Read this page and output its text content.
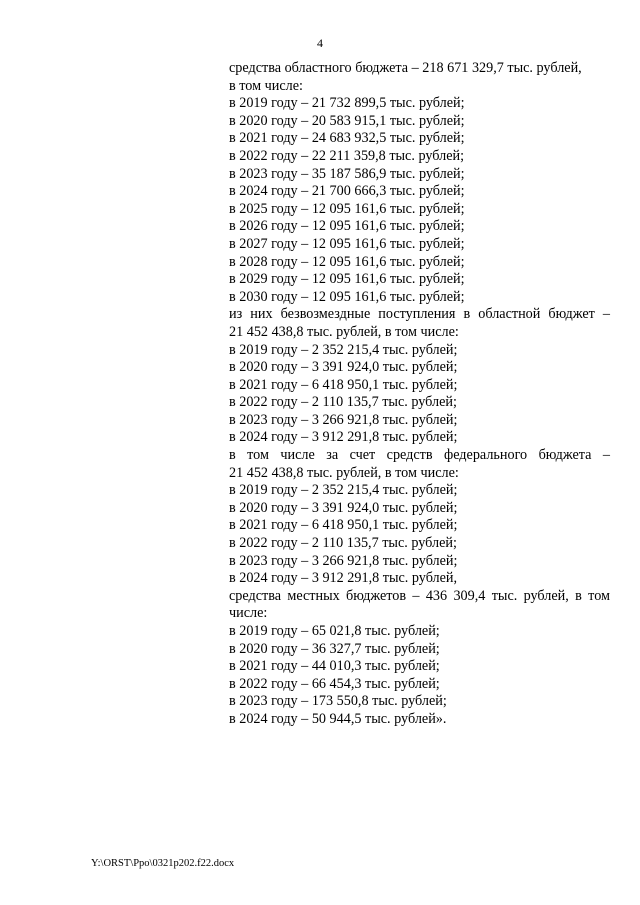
4
средства областного бюджета – 218 671 329,7 тыс. рублей,
в том числе:
в 2019 году – 21 732 899,5 тыс. рублей;
в 2020 году – 20 583 915,1 тыс. рублей;
в 2021 году – 24 683 932,5 тыс. рублей;
в 2022 году – 22 211 359,8 тыс. рублей;
в 2023 году – 35 187 586,9 тыс. рублей;
в 2024 году – 21 700 666,3 тыс. рублей;
в 2025 году – 12 095 161,6 тыс. рублей;
в 2026 году – 12 095 161,6 тыс. рублей;
в 2027 году – 12 095 161,6 тыс. рублей;
в 2028 году – 12 095 161,6 тыс. рублей;
в 2029 году – 12 095 161,6 тыс. рублей;
в 2030 году – 12 095 161,6 тыс. рублей;
из них безвозмездные поступления в областной бюджет –
21 452 438,8 тыс. рублей, в том числе:
в 2019 году – 2 352 215,4 тыс. рублей;
в 2020 году – 3 391 924,0 тыс. рублей;
в 2021 году – 6 418 950,1 тыс. рублей;
в 2022 году – 2 110 135,7 тыс. рублей;
в 2023 году – 3 266 921,8 тыс. рублей;
в 2024 году – 3 912 291,8 тыс. рублей;
в том числе за счет средств федерального бюджета –
21 452 438,8 тыс. рублей, в том числе:
в 2019 году – 2 352 215,4 тыс. рублей;
в 2020 году – 3 391 924,0 тыс. рублей;
в 2021 году – 6 418 950,1 тыс. рублей;
в 2022 году – 2 110 135,7 тыс. рублей;
в 2023 году – 3 266 921,8 тыс. рублей;
в 2024 году – 3 912 291,8 тыс. рублей,
средства местных бюджетов – 436 309,4 тыс. рублей, в том
числе:
в 2019 году – 65 021,8 тыс. рублей;
в 2020 году – 36 327,7 тыс. рублей;
в 2021 году – 44 010,3 тыс. рублей;
в 2022 году – 66 454,3 тыс. рублей;
в 2023 году – 173 550,8 тыс. рублей;
в 2024 году – 50 944,5 тыс. рублей».
Y:\ORST\Ppo\0321p202.f22.docx
